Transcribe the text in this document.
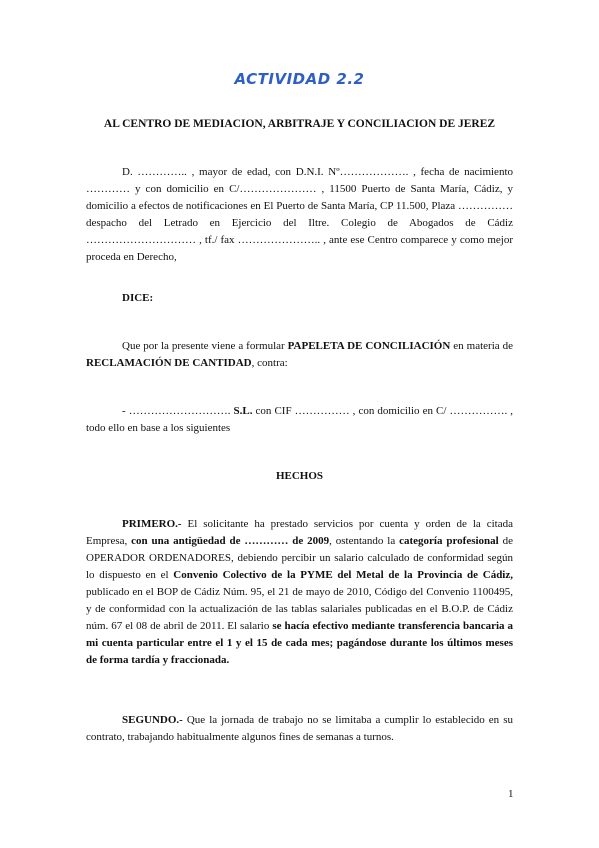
ACTIVIDAD 2.2
AL CENTRO DE MEDIACION, ARBITRAJE Y CONCILIACION DE JEREZ

D. ………….. , mayor de edad, con D.N.I. Nº………………. , fecha de nacimiento ………… y con domicilio en C/………………… , 11500 Puerto de Santa María, Cádiz, y domicilio a efectos de notificaciones en El Puerto de Santa María, CP 11.500, Plaza …………… despacho del Letrado en Ejercicio del Iltre. Colegio de Abogados de Cádiz ………………………… , tf./ fax ………………….. , ante ese Centro comparece y como mejor proceda en Derecho,

DICE:

Que por la presente viene a formular PAPELETA DE CONCILIACIÓN en materia de RECLAMACIÓN DE CANTIDAD, contra:

- ………………………. S.L. con CIF …………… , con domicilio en C/ ……………. , todo ello en base a los siguientes

HECHOS

PRIMERO.- El solicitante ha prestado servicios por cuenta y orden de la citada Empresa, con una antigüedad de ………… de 2009, ostentando la categoría profesional de OPERADOR ORDENADORES, debiendo percibir un salario calculado de conformidad según lo dispuesto en el Convenio Colectivo de la PYME del Metal de la Provincia de Cádiz, publicado en el BOP de Cádiz Núm. 95, el 21 de mayo de 2010, Código del Convenio 1100495, y de conformidad con la actualización de las tablas salariales publicadas en el B.O.P. de Cádiz núm. 67 el 08 de abril de 2011. El salario se hacía efectivo mediante transferencia bancaria a mi cuenta particular entre el 1 y el 15 de cada mes; pagándose durante los últimos meses de forma tardía y fraccionada.

SEGUNDO.- Que la jornada de trabajo no se limitaba a cumplir lo establecido en su contrato, trabajando habitualmente algunos fines de semanas a turnos.

1
